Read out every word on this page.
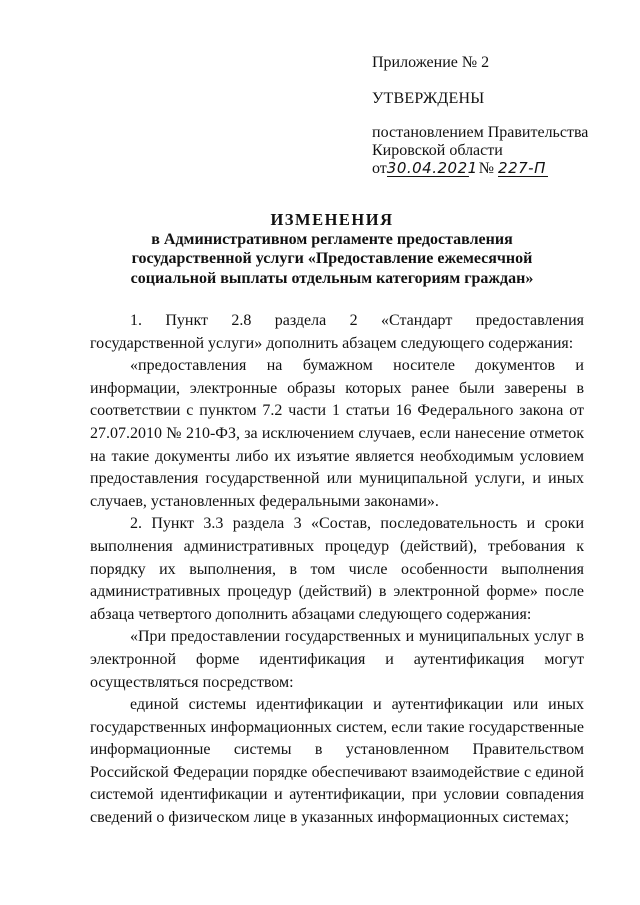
Приложение № 2
УТВЕРЖДЕНЫ
постановлением Правительства
Кировской области
от30.04.2021№ 227-П
ИЗМЕНЕНИЯ
в Административном регламенте предоставления
государственной услуги «Предоставление ежемесячной
социальной выплаты отдельным категориям граждан»

1. Пункт 2.8 раздела 2 «Стандарт предоставления государственной услуги» дополнить абзацем следующего содержания:

«предоставления на бумажном носителе документов и информации, электронные образы которых ранее были заверены в соответствии с пунктом 7.2 части 1 статьи 16 Федерального закона от 27.07.2010 № 210-ФЗ, за исключением случаев, если нанесение отметок на такие документы либо их изъятие является необходимым условием предоставления государственной или муниципальной услуги, и иных случаев, установленных федеральными законами».

2. Пункт 3.3 раздела 3 «Состав, последовательность и сроки выполнения административных процедур (действий), требования к порядку их выполнения, в том числе особенности выполнения административных процедур (действий) в электронной форме» после абзаца четвертого дополнить абзацами следующего содержания:

«При предоставлении государственных и муниципальных услуг в электронной форме идентификация и аутентификация могут осуществляться посредством:

единой системы идентификации и аутентификации или иных государственных информационных систем, если такие государственные информационные системы в установленном Правительством Российской Федерации порядке обеспечивают взаимодействие с единой системой идентификации и аутентификации, при условии совпадения сведений о физическом лице в указанных информационных системах;
